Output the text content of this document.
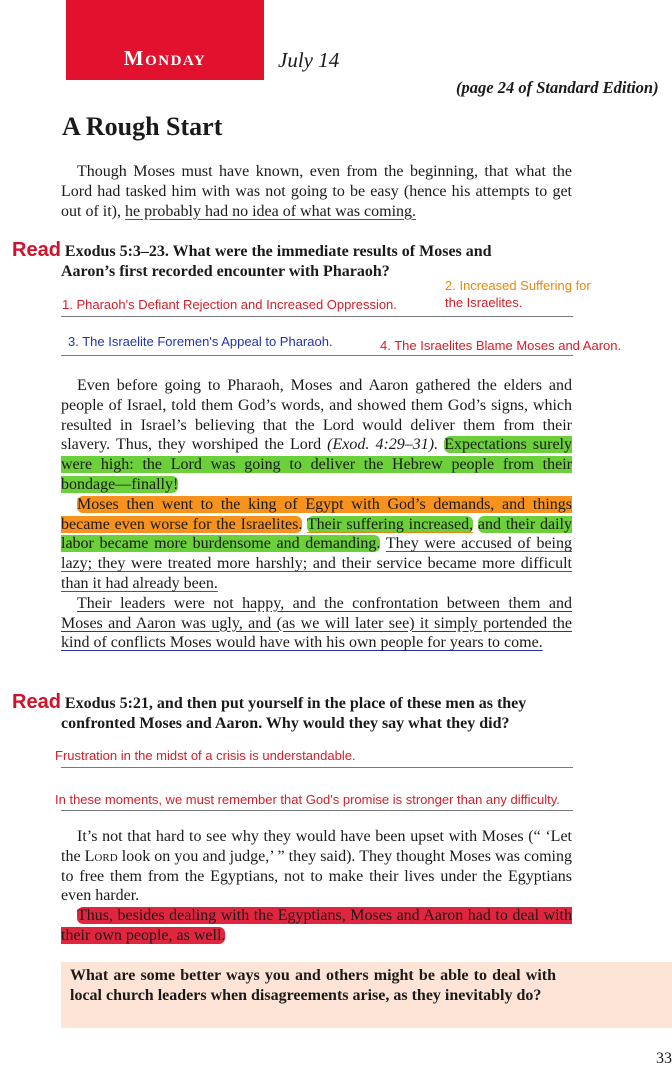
Monday	July 14
(page 24 of Standard Edition)
A Rough Start
Though Moses must have known, even from the beginning, that what the Lord had tasked him with was not going to be easy (hence his attempts to get out of it), he probably had no idea of what was coming.
Read Exodus 5:3–23. What were the immediate results of Moses and
Aaron’s first recorded encounter with Pharaoh?
2. Increased Suffering for
1. Pharaoh's Defiant Rejection and Increased Oppression.	the Israelites.
3. The Israelite Foremen's Appeal to Pharaoh.	4. The Israelites Blame Moses and Aaron.
Even before going to Pharaoh, Moses and Aaron gathered the elders and people of Israel, told them God’s words, and showed them God’s signs, which resulted in Israel’s believing that the Lord would deliver them from their slavery. Thus, they worshiped the Lord (Exod. 4:29–31). Expectations surely were high: the Lord was going to deliver the Hebrew people from their bondage—finally!
Moses then went to the king of Egypt with God’s demands, and things became even worse for the Israelites. Their suffering increased, and their daily labor became more burdensome and demanding. They were accused of being lazy; they were treated more harshly; and their service became more difficult than it had already been.
Their leaders were not happy, and the confrontation between them and Moses and Aaron was ugly, and (as we will later see) it simply portended the kind of conflicts Moses would have with his own people for years to come.
Read Exodus 5:21, and then put yourself in the place of these men as they
confronted Moses and Aaron. Why would they say what they did?
Frustration in the midst of a crisis is understandable.
In these moments, we must remember that God's promise is stronger than any difficulty.
It’s not that hard to see why they would have been upset with Moses (“ ‘Let the Lord look on you and judge,’ ” they said). They thought Moses was coming to free them from the Egyptians, not to make their lives under the Egyptians even harder.
Thus, besides dealing with the Egyptians, Moses and Aaron had to deal with their own people, as well.

What are some better ways you and others might be able to deal with local church leaders when disagreements arise, as they inevitably do?

33
